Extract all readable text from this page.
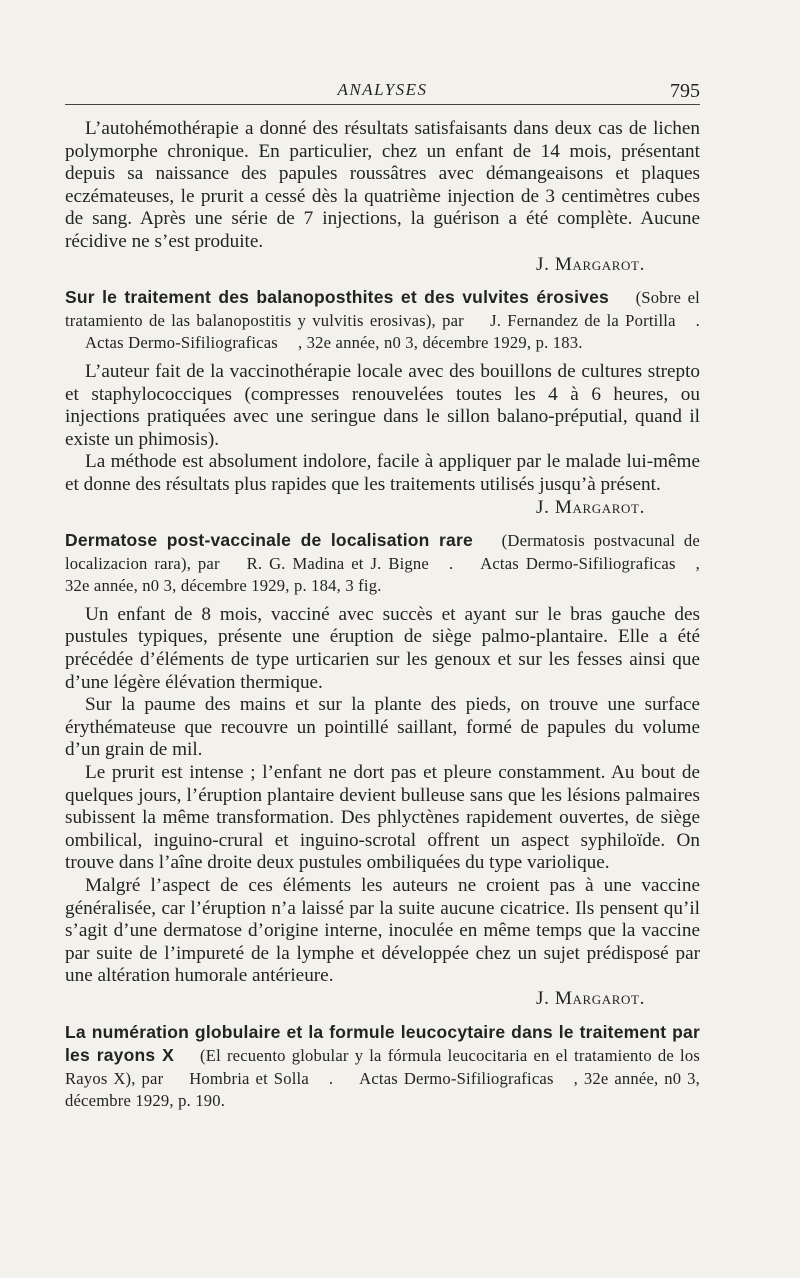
ANALYSES	795

L’autohémothérapie a donné des résultats satisfaisants dans deux cas de lichen polymorphe chronique. En particulier, chez un enfant de 14 mois, présentant depuis sa naissance des papules roussâtres avec démangeaisons et plaques eczémateuses, le prurit a cessé dès la quatrième injection de 3 centimètres cubes de sang. Après une série de 7 injections, la guérison a été complète. Aucune récidive ne s’est produite.

J. Margarot.
Sur le traitement des balanoposthites et des vulvites érosives (Sobre el tratamiento de las balanopostitis y vulvitis erosivas), par J. Fernandez de la Portilla . Actas Dermo-Sifiliograficas , 32e année, n0 3, décembre 1929, p. 183.

L’auteur fait de la vaccinothérapie locale avec des bouillons de cultures strepto et staphylococciques (compresses renouvelées toutes les 4 à 6 heures, ou injections pratiquées avec une seringue dans le sillon balano-préputial, quand il existe un phimosis).

La méthode est absolument indolore, facile à appliquer par le malade lui-même et donne des résultats plus rapides que les traitements utilisés jusqu’à présent.

J. Margarot.
Dermatose post-vaccinale de localisation rare (Dermatosis postvacunal de localizacion rara), par R. G. Madina et J. Bigne . Actas Dermo-Sifiliograficas , 32e année, n0 3, décembre 1929, p. 184, 3 fig.

Un enfant de 8 mois, vacciné avec succès et ayant sur le bras gauche des pustules typiques, présente une éruption de siège palmo-plantaire. Elle a été précédée d’éléments de type urticarien sur les genoux et sur les fesses ainsi que d’une légère élévation thermique.

Sur la paume des mains et sur la plante des pieds, on trouve une surface érythémateuse que recouvre un pointillé saillant, formé de papules du volume d’un grain de mil.

Le prurit est intense ; l’enfant ne dort pas et pleure constamment. Au bout de quelques jours, l’éruption plantaire devient bulleuse sans que les lésions palmaires subissent la même transformation. Des phlyctènes rapidement ouvertes, de siège ombilical, inguino-crural et inguino-scrotal offrent un aspect syphiloïde. On trouve dans l’aîne droite deux pustules ombiliquées du type variolique.

Malgré l’aspect de ces éléments les auteurs ne croient pas à une vaccine généralisée, car l’éruption n’a laissé par la suite aucune cicatrice. Ils pensent qu’il s’agit d’une dermatose d’origine interne, inoculée en même temps que la vaccine par suite de l’impureté de la lymphe et développée chez un sujet prédisposé par une altération humorale antérieure.

J. Margarot.
La numération globulaire et la formule leucocytaire dans le traitement par les rayons X (El recuento globular y la fórmula leucocitaria en el tratamiento de los Rayos X), par Hombria et Solla . Actas Dermo-Sifiliograficas , 32e année, n0 3, décembre 1929, p. 190.
